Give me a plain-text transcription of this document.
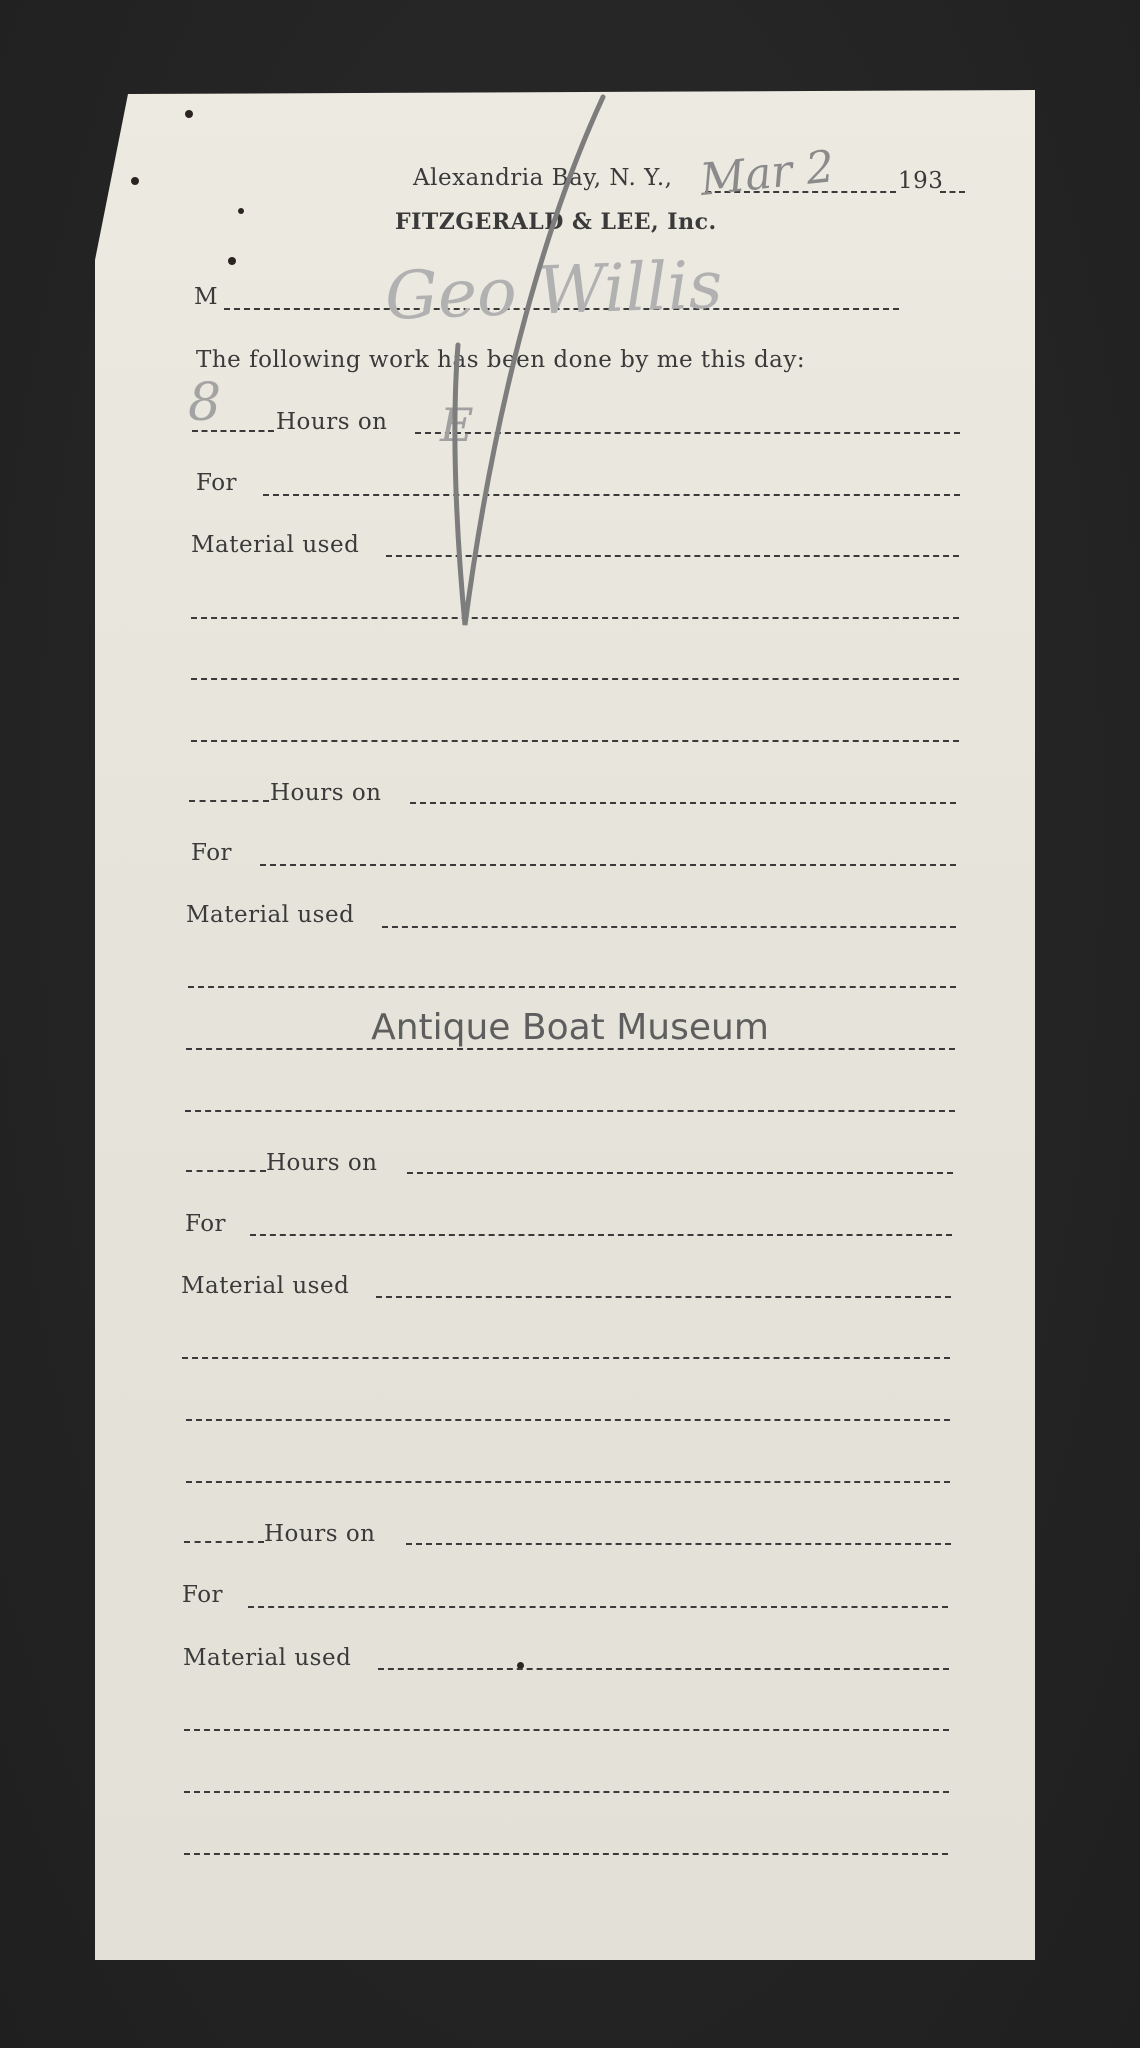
Alexandria Bay, N. Y.,	193
FITZGERALD & LEE, Inc.
M
The following work has been done by me this day:
Hours on
For
Material used
Hours on
For
Material used
Hours on
For
Material used
Hours on
For
Material used
Mar 2
Geo Willis
8	E
Antique Boat Museum
